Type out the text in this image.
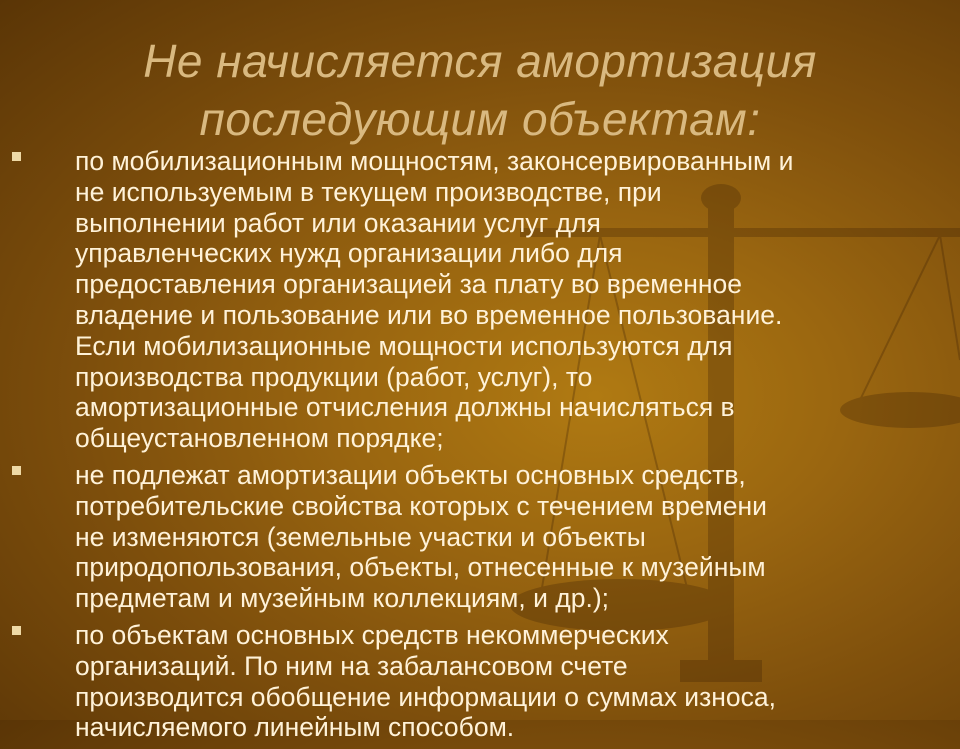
Не начисляется амортизация
последующим объектам:
по мобилизационным мощностям, законсервированным и
не используемым в текущем производстве, при
выполнении работ или оказании услуг для
управленческих нужд организации либо для
предоставления организацией за плату во временное
владение и пользование или во временное пользование.
Если мобилизационные мощности используются для
производства продукции (работ, услуг), то
амортизационные отчисления должны начисляться в
общеустановленном порядке;
не подлежат амортизации объекты основных средств,
потребительские свойства которых с течением времени
не изменяются (земельные участки и объекты
природопользования, объекты, отнесенные к музейным
предметам и музейным коллекциям, и др.);
по объектам основных средств некоммерческих
организаций. По ним на забалансовом счете
производится обобщение информации о суммах износа,
начисляемого линейным способом.
